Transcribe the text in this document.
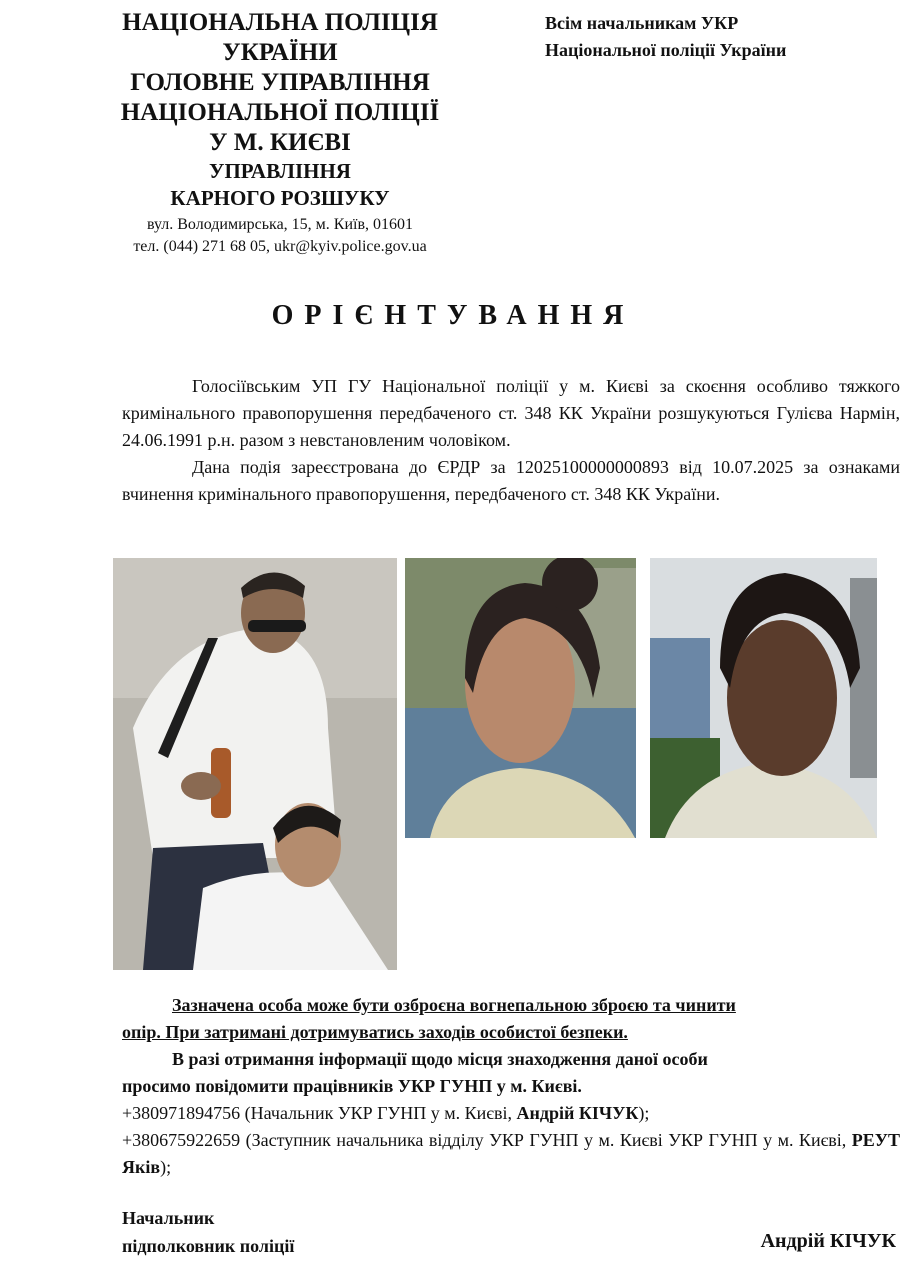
НАЦІОНАЛЬНА ПОЛІЦІЯ
УКРАЇНИ
ГОЛОВНЕ УПРАВЛІННЯ
НАЦІОНАЛЬНОЇ ПОЛІЦІЇ
У М. КИЄВІ
УПРАВЛІННЯ
КАРНОГО РОЗШУКУ
вул. Володимирська, 15, м. Київ, 01601
тел. (044) 271 68 05, ukr@kyiv.police.gov.ua
Всім начальникам УКР
Національної поліції України
ОРІЄНТУВАННЯ

Голосіївським УП ГУ Національної поліції у м. Києві за скоєння особливо тяжкого кримінального правопорушення передбаченого ст. 348 КК України розшукуються Гулієва Нармін, 24.06.1991 р.н. разом з невстановленим чоловіком.

Дана подія зареєстрована до ЄРДР за 12025100000000893 від 10.07.2025 за ознаками вчинення кримінального правопорушення, передбаченого ст. 348 КК України.

Зазначена особа може бути озброєна вогнепальною зброєю та чинити
опір. При затримані дотримуватись заходів особистої безпеки.
В разі отримання інформації щодо місця знаходження даної особи
просимо повідомити працівників УКР ГУНП у м. Києві.
+380971894756 (Начальник УКР ГУНП у м. Києві, Андрій КІЧУК);
+380675922659 (Заступник начальника відділу УКР ГУНП у м. Києві УКР ГУНП у м. Києві, РЕУТ Яків);
Начальник
підполковник поліції	Андрій КІЧУК
